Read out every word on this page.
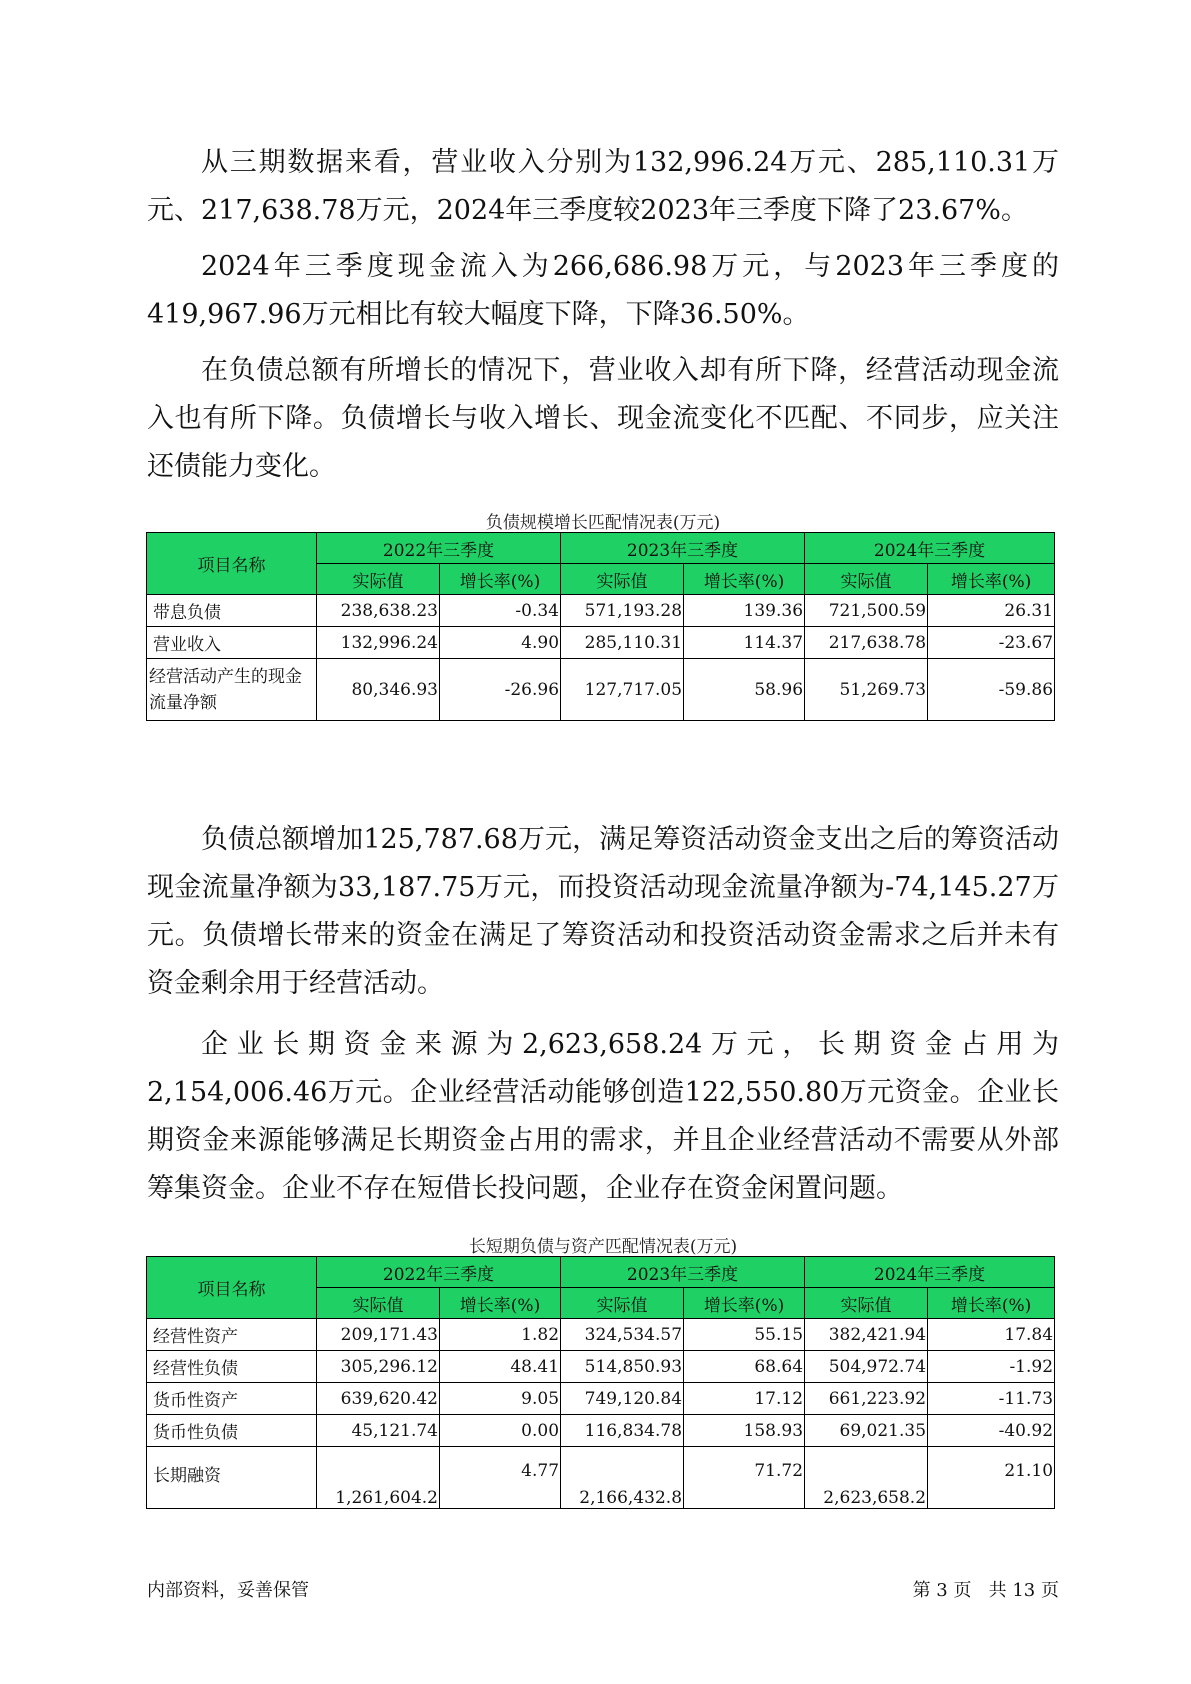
从三期数据来看，营业收入分别为132,996.24万元、285,110.31万元、217,638.78万元，2024年三季度较2023年三季度下降了23.67%。

2024年三季度现金流入为266,686.98万元，与2023年三季度的419,967.96万元相比有较大幅度下降，下降36.50%。

在负债总额有所增长的情况下，营业收入却有所下降，经营活动现金流入也有所下降。负债增长与收入增长、现金流变化不匹配、不同步，应关注还债能力变化。

负债规模增长匹配情况表(万元)

项目名称	2022年三季度		2023年三季度		2024年三季度	
	实际值	增长率(%)	实际值	增长率(%)	实际值	增长率(%)
带息负债	238,638.23	-0.34	571,193.28	139.36	721,500.59	26.31
营业收入	132,996.24	4.90	285,110.31	114.37	217,638.78	-23.67
经营活动产生的现金流量净额	80,346.93	-26.96	127,717.05	58.96	51,269.73	-59.86

负债总额增加125,787.68万元，满足筹资活动资金支出之后的筹资活动现金流量净额为33,187.75万元，而投资活动现金流量净额为-74,145.27万元。负债增长带来的资金在满足了筹资活动和投资活动资金需求之后并未有资金剩余用于经营活动。

企业长期资金来源为2,623,658.24万元，长期资金占用为2,154,006.46万元。企业经营活动能够创造122,550.80万元资金。企业长期资金来源能够满足长期资金占用的需求，并且企业经营活动不需要从外部筹集资金。企业不存在短借长投问题，企业存在资金闲置问题。

长短期负债与资产匹配情况表(万元)

项目名称	2022年三季度		2023年三季度		2024年三季度	
	实际值	增长率(%)	实际值	增长率(%)	实际值	增长率(%)
经营性资产	209,171.43	1.82	324,534.57	55.15	382,421.94	17.84
经营性负债	305,296.12	48.41	514,850.93	68.64	504,972.74	-1.92
货币性资产	639,620.42	9.05	749,120.84	17.12	661,223.92	-11.73
货币性负债	45,121.74	0.00	116,834.78	158.93	69,021.35	-40.92
长期融资	1,261,604.2	4.77	2,166,432.8	71.72	2,623,658.2	21.10
内部资料，妥善保管	第 3 页   共 13 页
